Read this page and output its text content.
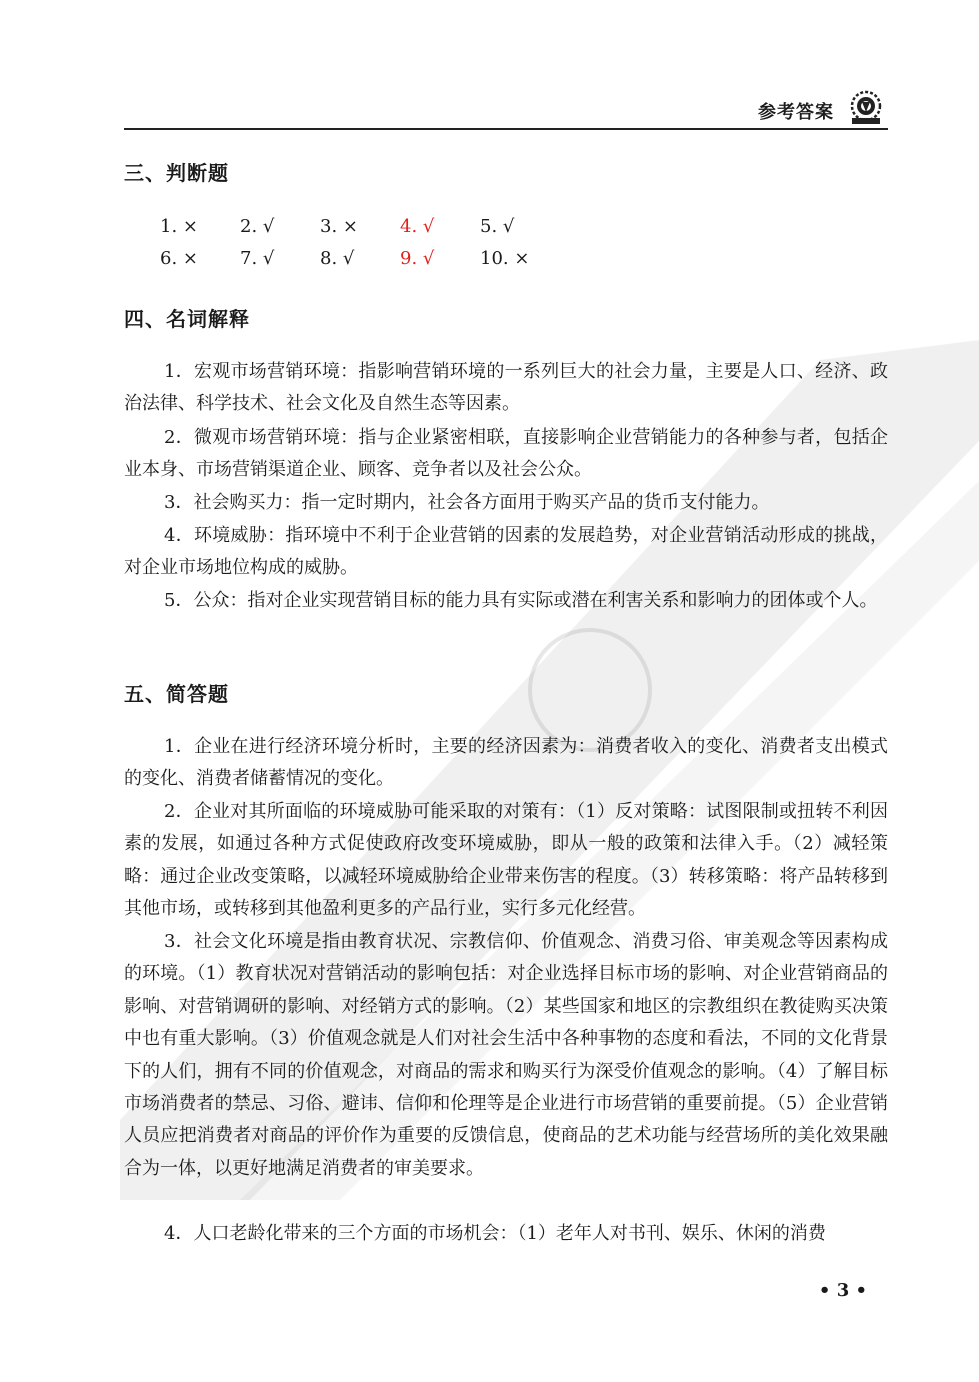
参考答案
三、判断题
1. × 2. √	3. × 4. √	5. √
6. × 7. √	8. √	9. √	10. ×
四、名词解释

1．宏观市场营销环境：指影响营销环境的一系列巨大的社会力量，主要是人口、经济、政治法律、科学技术、社会文化及自然生态等因素。

2．微观市场营销环境：指与企业紧密相联，直接影响企业营销能力的各种参与者，包括企业本身、市场营销渠道企业、顾客、竞争者以及社会公众。

3．社会购买力：指一定时期内，社会各方面用于购买产品的货币支付能力。

4．环境威胁：指环境中不利于企业营销的因素的发展趋势，对企业营销活动形成的挑战，对企业市场地位构成的威胁。

5．公众：指对企业实现营销目标的能力具有实际或潜在利害关系和影响力的团体或个人。

五、简答题

1．企业在进行经济环境分析时，主要的经济因素为：消费者收入的变化、消费者支出模式的变化、消费者储蓄情况的变化。

2．企业对其所面临的环境威胁可能采取的对策有：（1）反对策略：试图限制或扭转不利因素的发展，如通过各种方式促使政府改变环境威胁，即从一般的政策和法律入手。（2）减轻策略：通过企业改变策略，以减轻环境威胁给企业带来伤害的程度。（3）转移策略：将产品转移到其他市场，或转移到其他盈利更多的产品行业，实行多元化经营。

3．社会文化环境是指由教育状况、宗教信仰、价值观念、消费习俗、审美观念等因素构成的环境。（1）教育状况对营销活动的影响包括：对企业选择目标市场的影响、对企业营销商品的影响、对营销调研的影响、对经销方式的影响。（2）某些国家和地区的宗教组织在教徒购买决策中也有重大影响。（3）价值观念就是人们对社会生活中各种事物的态度和看法，不同的文化背景下的人们，拥有不同的价值观念，对商品的需求和购买行为深受价值观念的影响。（4）了解目标市场消费者的禁忌、习俗、避讳、信仰和伦理等是企业进行市场营销的重要前提。（5）企业营销人员应把消费者对商品的评价作为重要的反馈信息，使商品的艺术功能与经营场所的美化效果融合为一体，以更好地满足消费者的审美要求。

4．人口老龄化带来的三个方面的市场机会：（1）老年人对书刊、娱乐、休闲的消费

• 3 •
